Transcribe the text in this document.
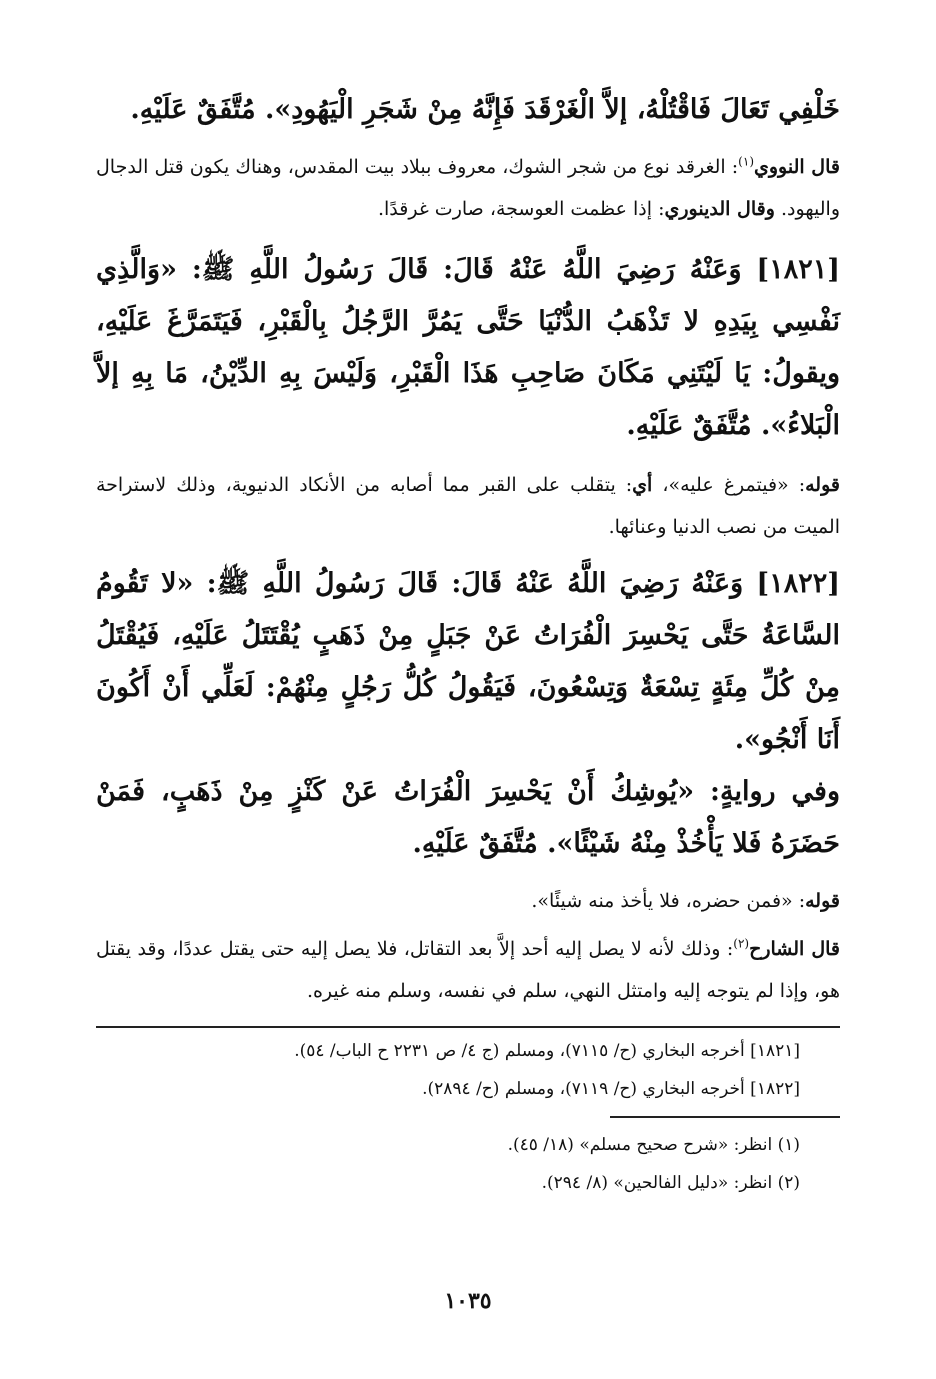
خَلْفِي تَعَالَ فَاقْتُلْهُ، إلاَّ الْغَرْقَدَ فَإِنَّهُ مِنْ شَجَرِ الْيَهُودِ». مُتَّفَقٌ عَلَيْهِ.

قال النووي$^{(١)}$: الغرقد نوع من شجر الشوك، معروف ببلاد بيت المقدس، وهناك يكون قتل الدجال واليهود. وقال الدينوري: إذا عظمت العوسجة، صارت غرقدًا.

[١٨٢١] وَعَنْهُ رَضِيَ اللَّهُ عَنْهُ قَالَ: قَالَ رَسُولُ اللَّهِ ﷺ: «وَالَّذِي نَفْسِي بِيَدِهِ لا تَذْهَبُ الدُّنْيَا حَتَّى يَمُرَّ الرَّجُلُ بِالْقَبْرِ، فَيَتَمَرَّغَ عَلَيْهِ، ويقولُ: يَا لَيْتَنِي مَكَانَ صَاحِبِ هَذَا الْقَبْرِ، وَلَيْسَ بِهِ الدِّيْنُ، مَا بِهِ إلاَّ الْبَلاءُ». مُتَّفَقٌ عَلَيْهِ.

قوله: «فيتمرغ عليه»، أي: يتقلب على القبر مما أصابه من الأنكاد الدنيوية، وذلك لاستراحة الميت من نصب الدنيا وعنائها.

[١٨٢٢] وَعَنْهُ رَضِيَ اللَّهُ عَنْهُ قَالَ: قَالَ رَسُولُ اللَّهِ ﷺ: «لا تَقُومُ السَّاعَةُ حَتَّى يَحْسِرَ الْفُرَاتُ عَنْ جَبَلٍ مِنْ ذَهَبٍ يُقْتَتَلُ عَلَيْهِ، فَيُقْتَلُ مِنْ كُلِّ مِئَةٍ تِسْعَةٌ وَتِسْعُونَ، فَيَقُولُ كُلُّ رَجُلٍ مِنْهُمْ: لَعَلِّي أَنْ أَكُونَ أَنَا أَنْجُو».

وفي روايةٍ: «يُوشِكُ أَنْ يَحْسِرَ الْفُرَاتُ عَنْ كَنْزٍ مِنْ ذَهَبٍ، فَمَنْ حَضَرَهُ فَلا يَأْخُذْ مِنْهُ شَيْئًا». مُتَّفَقٌ عَلَيْهِ.

قوله: «فمن حضره، فلا يأخذ منه شيئًا».

قال الشارح$^{(٢)}$: وذلك لأنه لا يصل إليه أحد إلاَّ بعد التقاتل، فلا يصل إليه حتى يقتل عددًا، وقد يقتل هو، وإذا لم يتوجه إليه وامتثل النهي، سلم في نفسه، وسلم منه غيره.

[١٨٢١] أخرجه البخاري (ح/ ٧١١٥)، ومسلم (ج ٤/ ص ٢٢٣١ ح الباب/ ٥٤).
[١٨٢٢] أخرجه البخاري (ح/ ٧١١٩)، ومسلم (ح/ ٢٨٩٤).
(١) انظر: «شرح صحيح مسلم» (١٨/ ٤٥).
(٢) انظر: «دليل الفالحين» (٨/ ٢٩٤).
١٠٣٥
